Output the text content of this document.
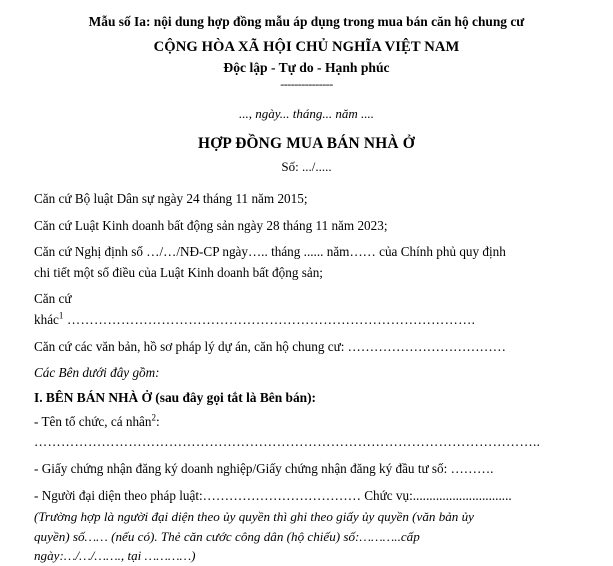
Mẫu số Ia: nội dung hợp đồng mẫu áp dụng trong mua bán căn hộ chung cư
CỘNG HÒA XÃ HỘI CHỦ NGHĨA VIỆT NAM
Độc lập - Tự do - Hạnh phúc
---------------
..., ngày... tháng... năm ....
HỢP ĐỒNG MUA BÁN NHÀ Ở
Số: .../.....
Căn cứ Bộ luật Dân sự ngày 24 tháng 11 năm 2015;
Căn cứ Luật Kinh doanh bất động sản ngày 28 tháng 11 năm 2023;
Căn cứ Nghị định số …/…/NĐ-CP ngày….. tháng ...... năm…… của Chính phủ quy định
chi tiết một số điều của Luật Kinh doanh bất động sản;
Căn cứ
khác$^1$ ……………………………………………………………………………….
Căn cứ các văn bản, hồ sơ pháp lý dự án, căn hộ chung cư: ………………………………
Các Bên dưới đây gồm:
I. BÊN BÁN NHÀ Ở (sau đây gọi tắt là Bên bán):
- Tên tổ chức, cá nhân$^2$:
…………………………………………………………………………………………………..
- Giấy chứng nhận đăng ký doanh nghiệp/Giấy chứng nhận đăng ký đầu tư số: ……….
- Người đại diện theo pháp luật:……………………………… Chức vụ:..............................
(Trường hợp là người đại diện theo ủy quyền thì ghi theo giấy ủy quyền (văn bản ủy
quyền) số…… (nếu có). Thẻ căn cước công dân (hộ chiếu) số:………..cấp
ngày:…/…/……., tại …………)
